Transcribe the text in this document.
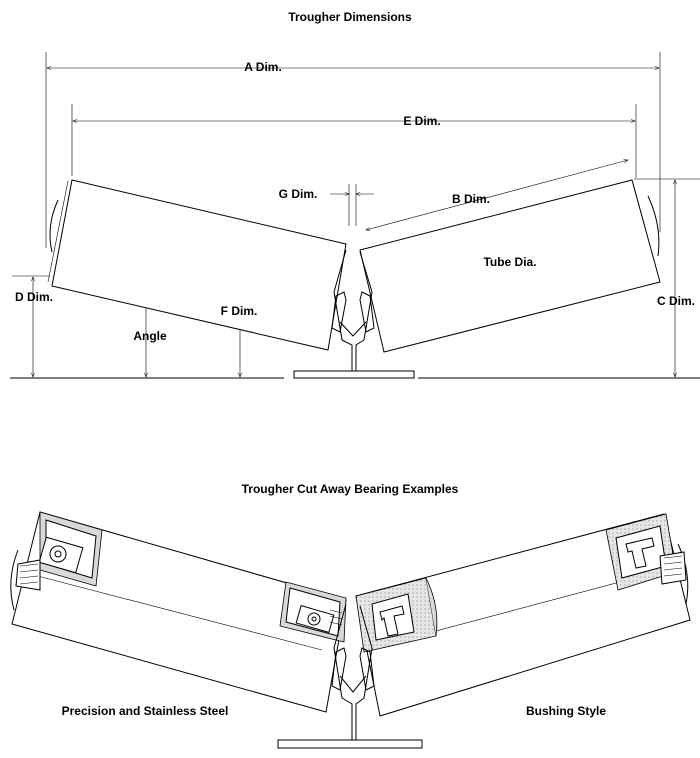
Trougher Dimensions
A Dim.
E Dim.
G Dim.	B Dim.
Tube Dia.
C Dim.
D Dim.
F Dim.
Angle
Trougher Cut Away Bearing Examples
Precision and Stainless Steel	Bushing Style
